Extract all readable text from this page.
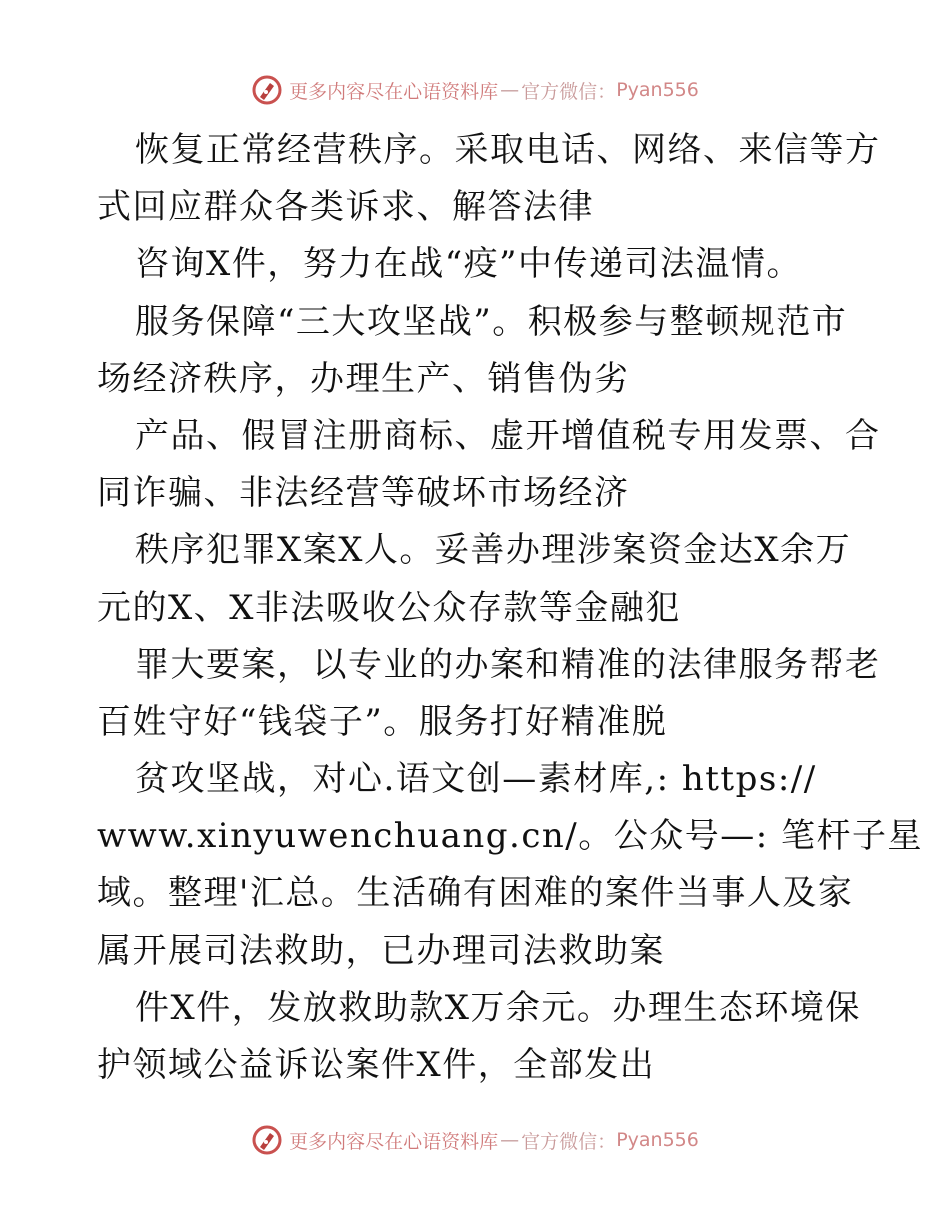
更多内容尽在心语资料库 — 官方微信： Pyan556
恢复正常经营秩序。采取电话、网络、来信等方
式回应群众各类诉求、解答法律
咨询X件，努力在战“疫”中传递司法温情。
服务保障“三大攻坚战”。积极参与整顿规范市
场经济秩序，办理生产、销售伪劣
产品、假冒注册商标、虚开增值税专用发票、合
同诈骗、非法经营等破坏市场经济
秩序犯罪X案X人。妥善办理涉案资金达X余万
元的X、X非法吸收公众存款等金融犯
罪大要案，以专业的办案和精准的法律服务帮老
百姓守好“钱袋子”。服务打好精准脱
贫攻坚战，对心.语文创—素材库,: https://
www.xinyuwenchuang.cn/。公众号—: 笔杆子星
域。整理'汇总。生活确有困难的案件当事人及家
属开展司法救助，已办理司法救助案
件X件，发放救助款X万余元。办理生态环境保
护领域公益诉讼案件X件，全部发出
更多内容尽在心语资料库 — 官方微信： Pyan556
